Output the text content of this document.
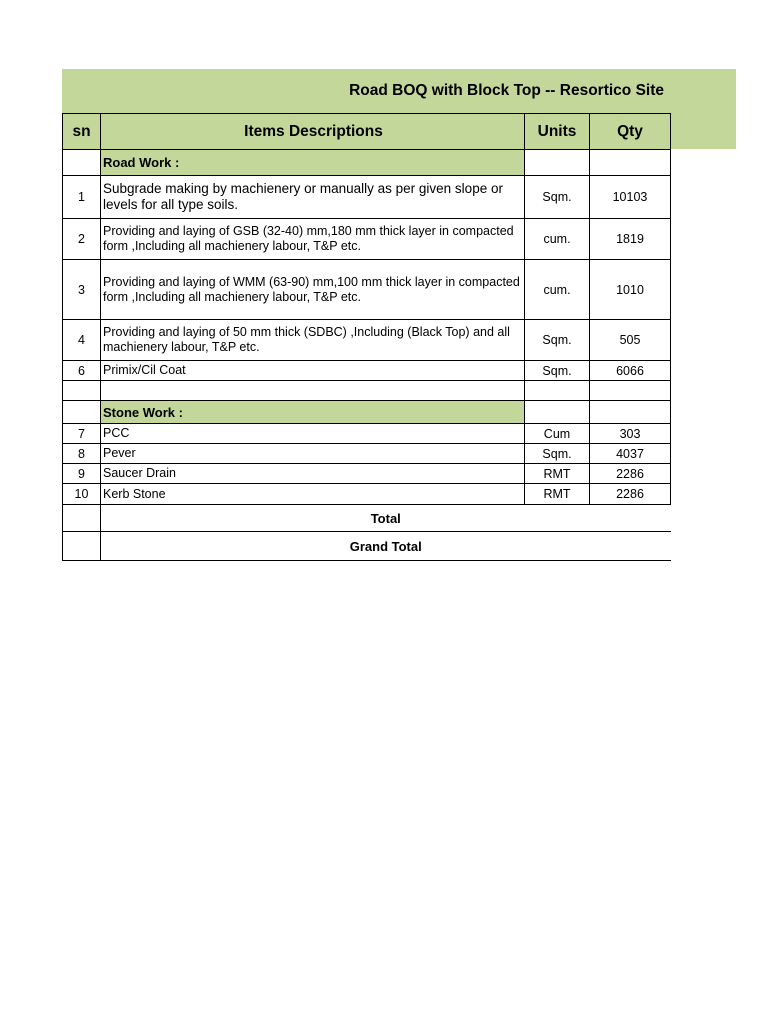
Road BOQ with Block Top -- Resortico Site
sn	Items Descriptions	Units	Qty
	Road Work :		
1	Subgrade making by machienery or manually as per given slope or levels for all type soils.	Sqm.	10103
2	Providing and laying of GSB (32-40) mm,180 mm thick layer in compacted form ,Including all machienery labour, T&P etc.	cum.	1819
3	Providing and laying of WMM (63-90) mm,100 mm thick layer in compacted form ,Including all machienery labour, T&P etc.	cum.	1010
4	Providing and laying of 50 mm thick (SDBC) ,Including (Black Top) and all machienery labour, T&P etc.	Sqm.	505
6	Primix/Cil Coat	Sqm.	6066

	Stone Work :		
7	PCC	Cum	303
8	Pever	Sqm.	4037
9	Saucer Drain	RMT	2286
10	Kerb Stone	RMT	2286
	Total		
	Grand Total		
